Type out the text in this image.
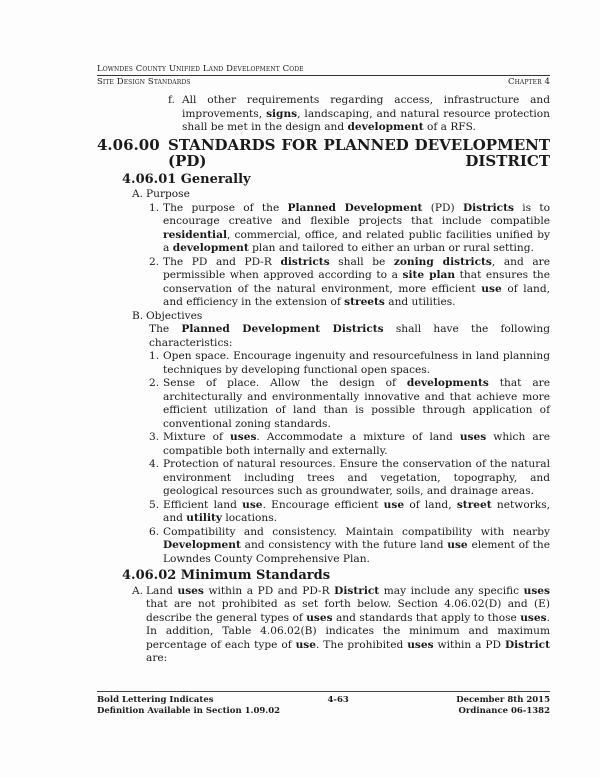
Lowndes County Unified Land Development Code
Site Design Standards	Chapter 4
f. All other requirements regarding access, infrastructure and improvements, signs, landscaping, and natural resource protection shall be met in the design and development of a RFS.
4.06.00 STANDARDS FOR PLANNED DEVELOPMENT (PD) DISTRICT
4.06.01 Generally
A. Purpose
1. The purpose of the Planned Development (PD) Districts is to encourage creative and flexible projects that include compatible residential, commercial, office, and related public facilities unified by a development plan and tailored to either an urban or rural setting.
2. The PD and PD-R districts shall be zoning districts, and are permissible when approved according to a site plan that ensures the conservation of the natural environment, more efficient use of land, and efficiency in the extension of streets and utilities.
B. Objectives

The Planned Development Districts shall have the following characteristics:

1. Open space. Encourage ingenuity and resourcefulness in land planning techniques by developing functional open spaces.
2. Sense of place. Allow the design of developments that are architecturally and environmentally innovative and that achieve more efficient utilization of land than is possible through application of conventional zoning standards.
3. Mixture of uses. Accommodate a mixture of land uses which are compatible both internally and externally.
4. Protection of natural resources. Ensure the conservation of the natural environment including trees and vegetation, topography, and geological resources such as groundwater, soils, and drainage areas.
5. Efficient land use. Encourage efficient use of land, street networks, and utility locations.
6. Compatibility and consistency. Maintain compatibility with nearby Development and consistency with the future land use element of the Lowndes County Comprehensive Plan.
4.06.02 Minimum Standards
A. Land uses within a PD and PD-R District may include any specific uses that are not prohibited as set forth below. Section 4.06.02(D) and (E) describe the general types of uses and standards that apply to those uses. In addition, Table 4.06.02(B) indicates the minimum and maximum percentage of each type of use. The prohibited uses within a PD District are:
Bold Lettering Indicates
Definition Available in Section 1.09.02
4-63	December 8th 2015
Ordinance 06-1382
